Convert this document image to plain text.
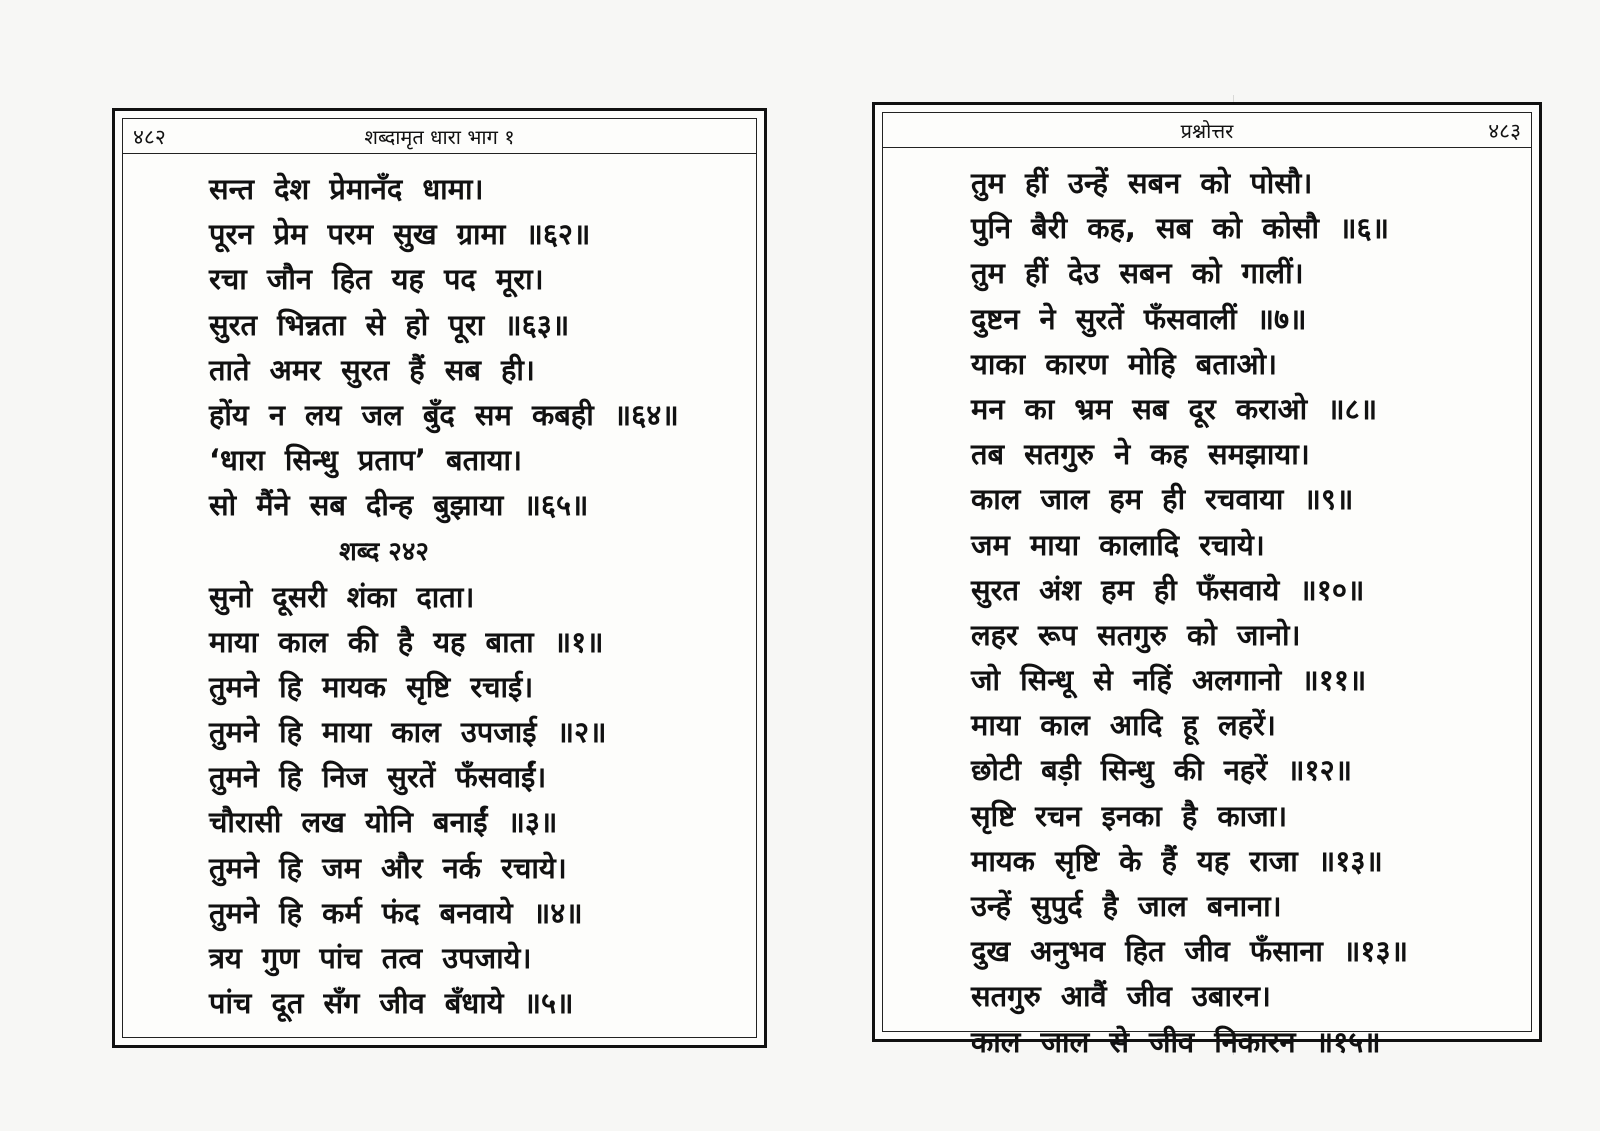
४८२	शब्दामृत धारा भाग १
सन्त देश प्रेमानँद धामा।
पूरन प्रेम परम सुख ग्रामा ॥६२॥
रचा जौन हित यह पद मूरा।
सुरत भिन्नता से हो पूरा ॥६३॥
ताते अमर सुरत हैं सब ही।
होंय न लय जल बुँद सम कबही ॥६४॥
‘धारा सिन्धु प्रताप’ बताया।
सो मैंने सब दीन्ह बुझाया ॥६५॥
शब्द २४२
सुनो दूसरी शंका दाता।
माया काल की है यह बाता ॥१॥
तुमने हि मायक सृष्टि रचाई।
तुमने हि माया काल उपजाई ॥२॥
तुमने हि निज सुरतें फँसवाईं।
चौरासी लख योनि बनाईं ॥३॥
तुमने हि जम और नर्क रचाये।
तुमने हि कर्म फंद बनवाये ॥४॥
त्रय गुण पांच तत्व उपजाये।
पांच दूत सँग जीव बँधाये ॥५॥
प्रश्नोत्तर	४८३
तुम हीं उन्हें सबन को पोसौ।
पुनि बैरी कह, सब को कोसौ ॥६॥
तुम हीं देउ सबन को गालीं।
दुष्टन ने सुरतें फँसवालीं ॥७॥
याका कारण मोहि बताओ।
मन का भ्रम सब दूर कराओ ॥८॥
तब सतगुरु ने कह समझाया।
काल जाल हम ही रचवाया ॥९॥
जम माया कालादि रचाये।
सुरत अंश हम ही फँसवाये ॥१०॥
लहर रूप सतगुरु को जानो।
जो सिन्धू से नहिं अलगानो ॥११॥
माया काल आदि हू लहरें।
छोटी बड़ी सिन्धु की नहरें ॥१२॥
सृष्टि रचन इनका है काजा।
मायक सृष्टि के हैं यह राजा ॥१३॥
उन्हें सुपुर्द है जाल बनाना।
दुख अनुभव हित जीव फँसाना ॥१३॥
सतगुरु आवैं जीव उबारन।
काल जाल से जीव निकारन ॥१५॥
